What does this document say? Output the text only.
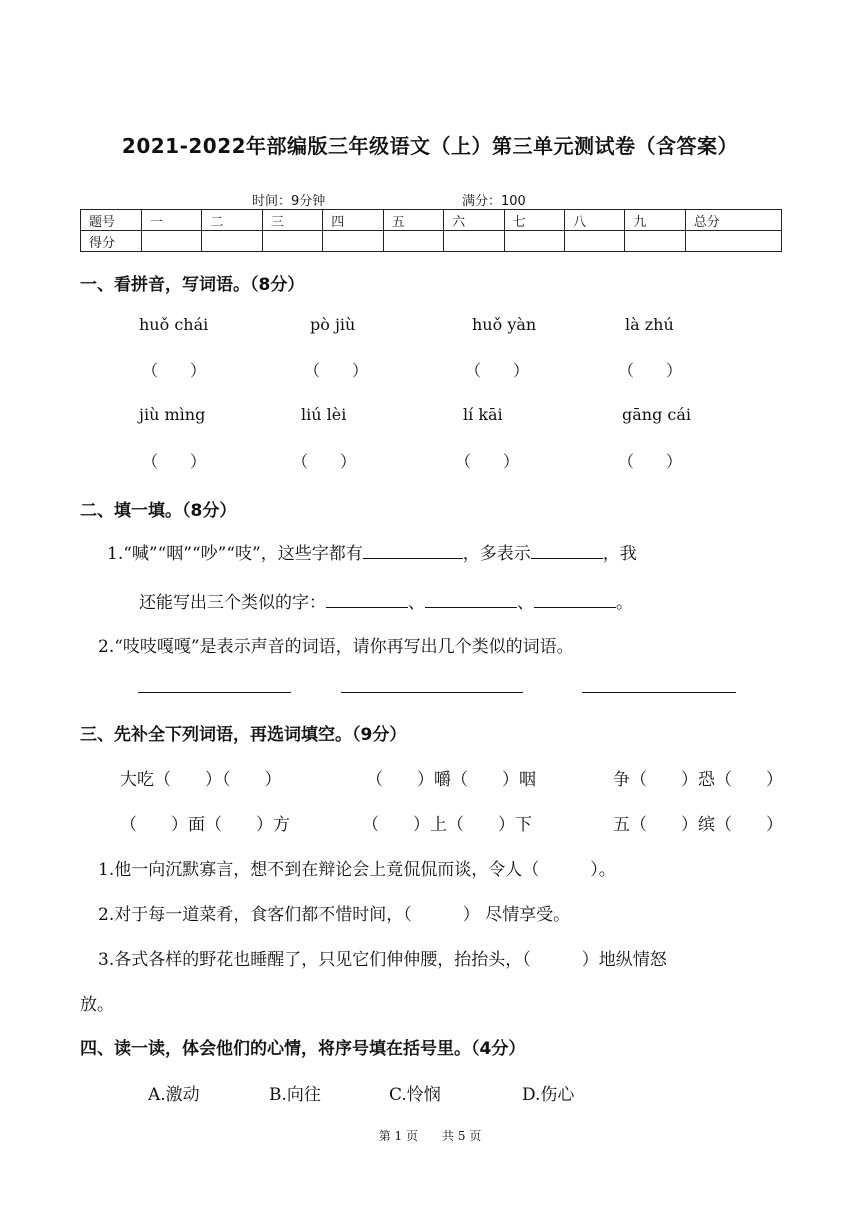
2021-2022年部编版三年级语文（上）第三单元测试卷（含答案）
时间：9分钟	满分：100
题号	一	二	三	四	五	六	七	八	九	总分
得分										
一、看拼音，写词语。（8分）
huǒ chái	pò jiù	huǒ yàn	là zhú
（　　）	（　　）	（　　）	（　　）
jiù mìng	liú lèi	lí kāi	gāng cái
（　　）	（　　）	（　　）	（　　）
二、填一填。（8分）
1.“喊”“咽”“吵”“吱”，这些字都有	，多表示	，我
还能写出三个类似的字：	、	、	。
2.“吱吱嘎嘎”是表示声音的词语，请你再写出几个类似的词语。
三、先补全下列词语，再选词填空。（9分）
大吃（　　）（　　）	（　　）嚼（　　）咽	争（　　）恐（　　）
（　　）面（　　）方	（　　）上（　　）下	五（　　）缤（　　）
1.他一向沉默寡言，想不到在辩论会上竟侃侃而谈，令人（　　　）。
2.对于每一道菜肴，食客们都不惜时间，（　　　） 尽情享受。
3.各式各样的野花也睡醒了，只见它们伸伸腰，抬抬头，（　　　）地纵情怒
放。
四、读一读，体会他们的心情，将序号填在括号里。（4分）
A.激动	B.向往	C.怜悯	D.伤心
第 1 页　　共 5 页
